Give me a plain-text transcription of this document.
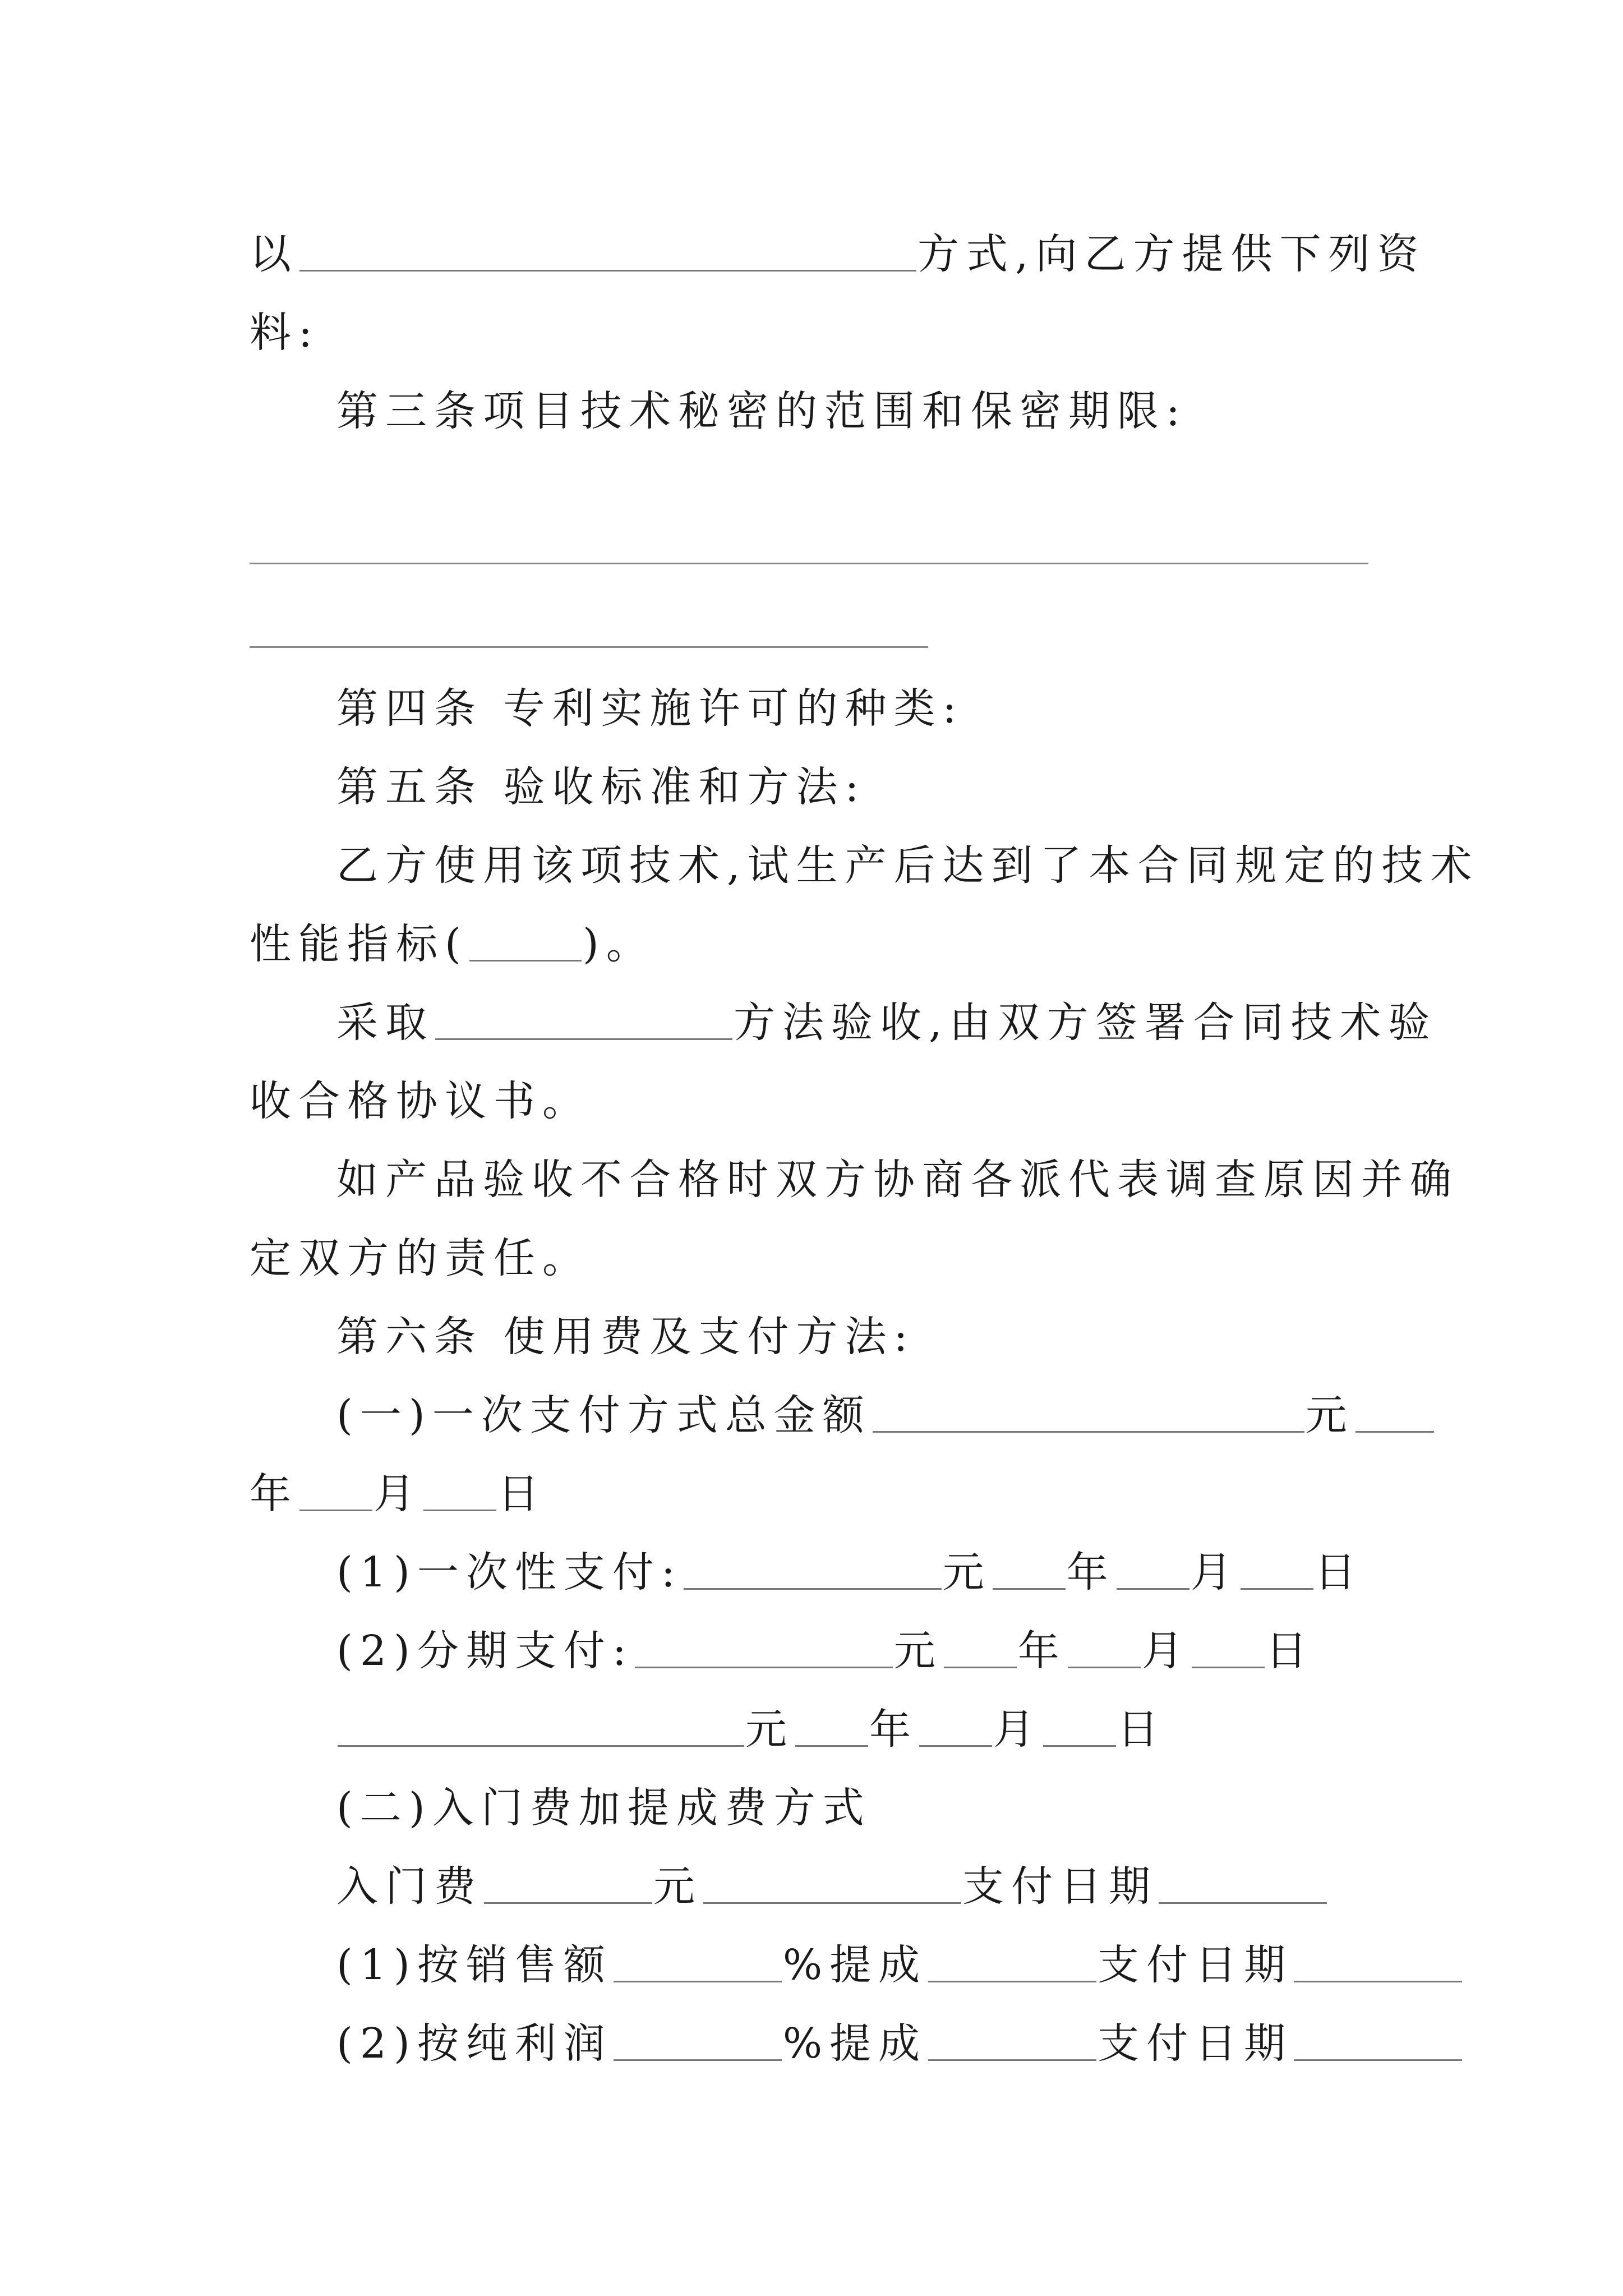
以	方式,向乙方提供下列资
料:
第三条项目技术秘密的范围和保密期限:
第四条 专利实施许可的种类:
第五条 验收标准和方法:
乙方使用该项技术,试生产后达到了本合同规定的技术
性能指标(	)。
采取	方法验收,由双方签署合同技术验
收合格协议书。
如产品验收不合格时双方协商各派代表调查原因并确
定双方的责任。
第六条 使用费及支付方法:
(一)一次支付方式总金额	元
年 月 日
(1)一次性支付:	元 年 月 日
(2)分期支付:	元 年 月 日
元 年 月 日
(二)入门费加提成费方式
入门费	元	支付日期
(1)按销售额	%提成	支付日期
(2)按纯利润	%提成	支付日期
